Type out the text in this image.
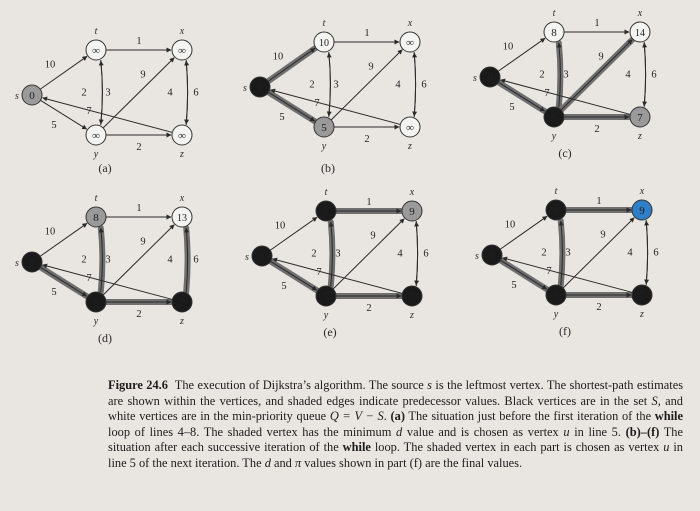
10
5
1
2 3
9
2
4 6
7
0
s
∞
t
∞
x
∞
y
∞
z
(a)
10
5
1
2 3
9
2
4 6
7
0
s
10
t
∞
x
5
y
∞
z
(b)
10
5
1
2 3
9
2
4 6
7
0
s
8
t
14
x
5
y
7
z
(c)
10
5
1
2 3
9
2
4 6
7
0
s
8
t
13
x
5
y
7
z
(d)
10
5
1
2 3
9
2
4 6
7
0
s
8
t
9
x
5
y
7
z
(e)
10
5
1
2 3
9
2
4 6
7
0
s
8
t
9
x
5
y
7
z
(f)
Figure 24.6 The execution of Dijkstra’s algorithm. The source s is the leftmost vertex. The shortest-path estimates are shown within the vertices, and shaded edges indicate predecessor values. Black vertices are in the set S, and white vertices are in the min-priority queue Q = V − S. (a) The situation just before the first iteration of the while loop of lines 4–8. The shaded vertex has the minimum d value and is chosen as vertex u in line 5. (b)–(f) The situation after each successive iteration of the while loop. The shaded vertex in each part is chosen as vertex u in line 5 of the next iteration. The d and π values shown in part (f) are the final values.
